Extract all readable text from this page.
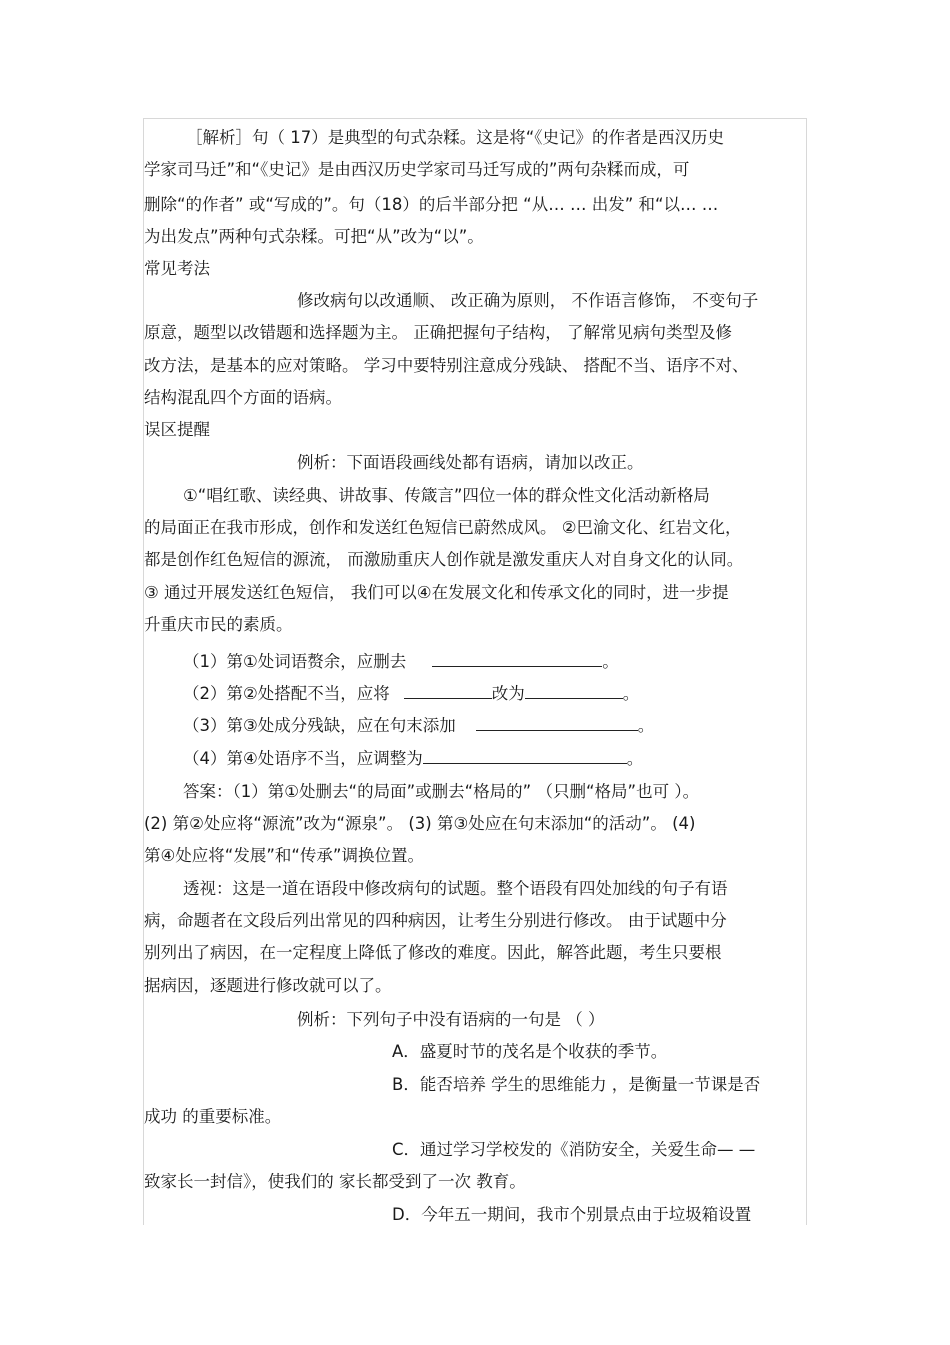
［解析］句（ 17）是典型的句式杂糅。这是将“《史记》的作者是西汉历史
学家司马迁”和“《史记》是由西汉历史学家司马迁写成的”两句杂糅而成，可
删除“的作者” 或“写成的”。句（18）的后半部分把 “从… … 出发” 和“以… …
为出发点”两种句式杂糅。可把“从”改为“以”。
常见考法
修改病句以改通顺、 改正确为原则， 不作语言修饰， 不变句子
原意，题型以改错题和选择题为主。 正确把握句子结构， 了解常见病句类型及修
改方法，是基本的应对策略。 学习中要特别注意成分残缺、 搭配不当、语序不对、
结构混乱四个方面的语病。
误区提醒
例析：下面语段画线处都有语病，请加以改正。
①“唱红歌、读经典、讲故事、传箴言”四位一体的群众性文化活动新格局
的局面正在我市形成，创作和发送红色短信已蔚然成风。 ②巴渝文化、红岩文化，
都是创作红色短信的源流， 而激励重庆人创作就是激发重庆人对自身文化的认同。
③ 通过开展发送红色短信， 我们可以④在发展文化和传承文化的同时，进一步提
升重庆市民的素质。
（1）第①处词语赘余，应删去	。
（2）第②处搭配不当，应将	改为	。
（3）第③处成分残缺，应在句末添加	。
（4）第④处语序不当，应调整为	。
答案：（1）第①处删去“的局面”或删去“格局的” （只删“格局”也可 ）。
(2) 第②处应将“源流”改为“源泉”。 (3) 第③处应在句末添加“的活动”。 (4)
第④处应将“发展”和“传承”调换位置。
透视：这是一道在语段中修改病句的试题。整个语段有四处加线的句子有语
病，命题者在文段后列出常见的四种病因，让考生分别进行修改。 由于试题中分
别列出了病因，在一定程度上降低了修改的难度。因此，解答此题，考生只要根
据病因，逐题进行修改就可以了。
例析：下列句子中没有语病的一句是 （ ）
A．盛夏时节的茂名是个收获的季节。
B．能否培养 学生的思维能力 ，是衡量一节课是否
成功 的重要标准。
C．通过学习学校发的《消防安全，关爱生命— —
致家长一封信》，使我们的 家长都受到了一次 教育。
D．今年五一期间，我市个别景点由于垃圾箱设置
